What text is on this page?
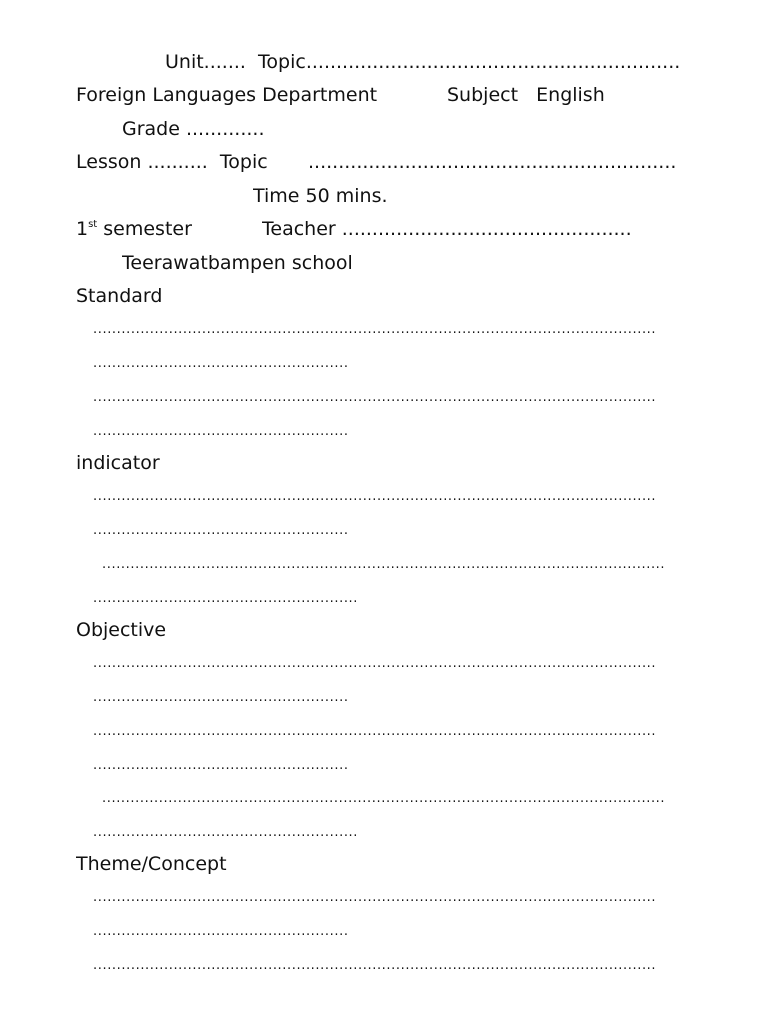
Unit.......  Topic..............................................................
Foreign Languages Department	Subject   English
Grade .............
Lesson ..........  Topic .............................................................
Time 50 mins.
1st semester	Teacher ................................................
Teerawatbampen school
Standard
.......................................................................................................................
......................................................
.......................................................................................................................
......................................................
indicator
.......................................................................................................................
......................................................
.......................................................................................................................
........................................................
Objective
.......................................................................................................................
......................................................
.......................................................................................................................
......................................................
.......................................................................................................................
........................................................
Theme/Concept
.......................................................................................................................
......................................................
.......................................................................................................................
